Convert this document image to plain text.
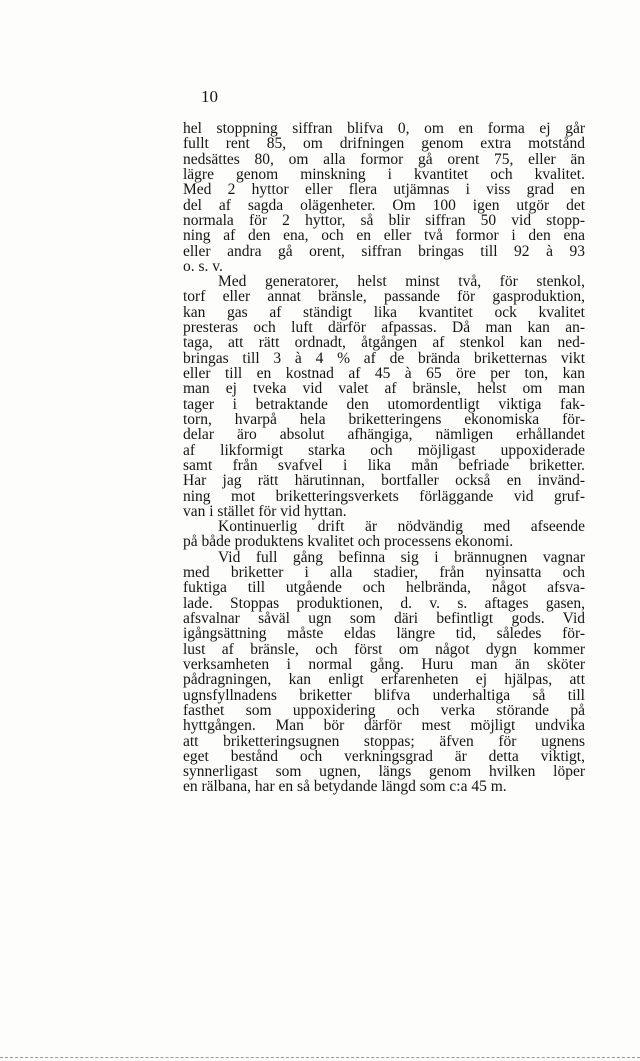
10
hel stoppning siffran blifva 0, om en forma ej går
fullt rent 85, om drifningen genom extra motstånd
nedsättes 80, om alla formor gå orent 75, eller än
lägre genom minskning i kvantitet och kvalitet.
Med 2 hyttor eller flera utjämnas i viss grad en
del af sagda olägenheter. Om 100 igen utgör det
normala för 2 hyttor, så blir siffran 50 vid stopp-
ning af den ena, och en eller två formor i den ena
eller andra gå orent, siffran bringas till 92 à 93
o. s. v.
Med generatorer, helst minst två, för stenkol,
torf eller annat bränsle, passande för gasproduktion,
kan gas af ständigt lika kvantitet ock kvalitet
presteras och luft därför afpassas. Då man kan an-
taga, att rätt ordnadt, åtgången af stenkol kan ned-
bringas till 3 à 4 % af de brända briketternas vikt
eller till en kostnad af 45 à 65 öre per ton, kan
man ej tveka vid valet af bränsle, helst om man
tager i betraktande den utomordentligt viktiga fak-
torn, hvarpå hela briketteringens ekonomiska för-
delar äro absolut afhängiga, nämligen erhållandet
af likformigt starka och möjligast uppoxiderade
samt från svafvel i lika mån befriade briketter.
Har jag rätt härutinnan, bortfaller också en invänd-
ning mot briketteringsverkets förläggande vid gruf-
van i stället för vid hyttan.
Kontinuerlig drift är nödvändig med afseende
på både produktens kvalitet och processens ekonomi.
Vid full gång befinna sig i brännugnen vagnar
med briketter i alla stadier, från nyinsatta och
fuktiga till utgående och helbrända, något afsva-
lade. Stoppas produktionen, d. v. s. aftages gasen,
afsvalnar såväl ugn som däri befintligt gods. Vid
igångsättning måste eldas längre tid, således för-
lust af bränsle, och först om något dygn kommer
verksamheten i normal gång. Huru man än sköter
pådragningen, kan enligt erfarenheten ej hjälpas, att
ugnsfyllnadens briketter blifva underhaltiga så till
fasthet som uppoxidering och verka störande på
hyttgången. Man bör därför mest möjligt undvika
att briketteringsugnen stoppas; äfven för ugnens
eget bestånd och verkningsgrad är detta viktigt,
synnerligast som ugnen, längs genom hvilken löper
en rälbana, har en så betydande längd som c:a 45 m.
